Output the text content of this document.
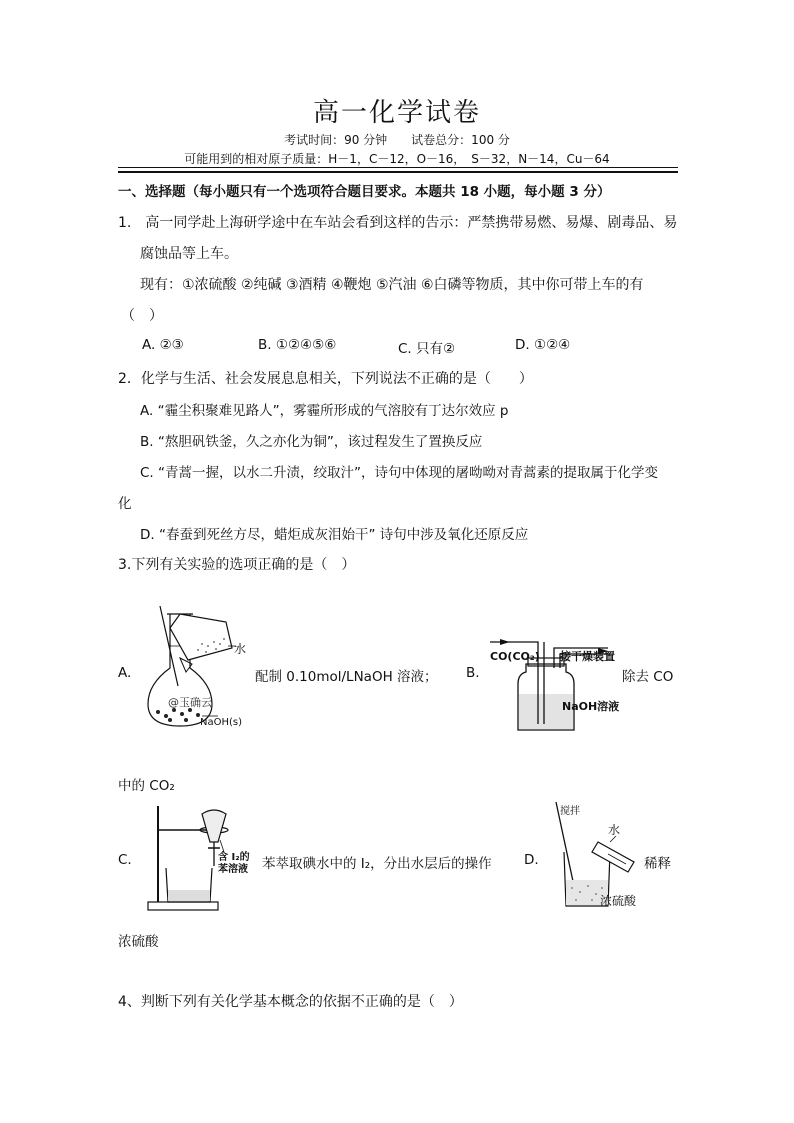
高一化学试卷
考试时间：90 分钟　　试卷总分：100 分
可能用到的相对原子质量：H－1，C－12，O－16，　S－32，N－14，Cu－64
一、选择题（每小题只有一个选项符合题目要求。本题共 18 小题，每小题 3 分）
1.　高一同学赴上海研学途中在车站会看到这样的告示：严禁携带易燃、易爆、剧毒品、易
腐蚀品等上车。
现有：①浓硫酸 ②纯碱 ③酒精 ④鞭炮 ⑤汽油 ⑥白磷等物质，其中你可带上车的有
（　）
A. ②③	B. ①②④⑤⑥	C. 只有②	D. ①②④
2．化学与生活、社会发展息息相关，下列说法不正确的是（　　）
A. “霾尘积聚难见路人”，雾霾所形成的气溶胶有丁达尔效应 p
B. “熬胆矾铁釜，久之亦化为铜”，该过程发生了置换反应
C. “青蒿一握，以水二升渍，绞取汁”，诗句中体现的屠呦呦对青蒿素的提取属于化学变
化
D. “春蚕到死丝方尽，蜡炬成灰泪始干” 诗句中涉及氧化还原反应
3.下列有关实验的选项正确的是（　）
A.
水
@玉确云
NaOH(s)
配制 0.10mol/LNaOH 溶液； B.
CO(CO₂) 接干燥装置
NaOH溶液
除去 CO
中的 CO₂
C.	含 I₂的
苯溶液 苯萃取碘水中的 I₂，分出水层后的操作 D.
搅拌
水
浓硫酸
稀释
浓硫酸
4、判断下列有关化学基本概念的依据不正确的是（　）
